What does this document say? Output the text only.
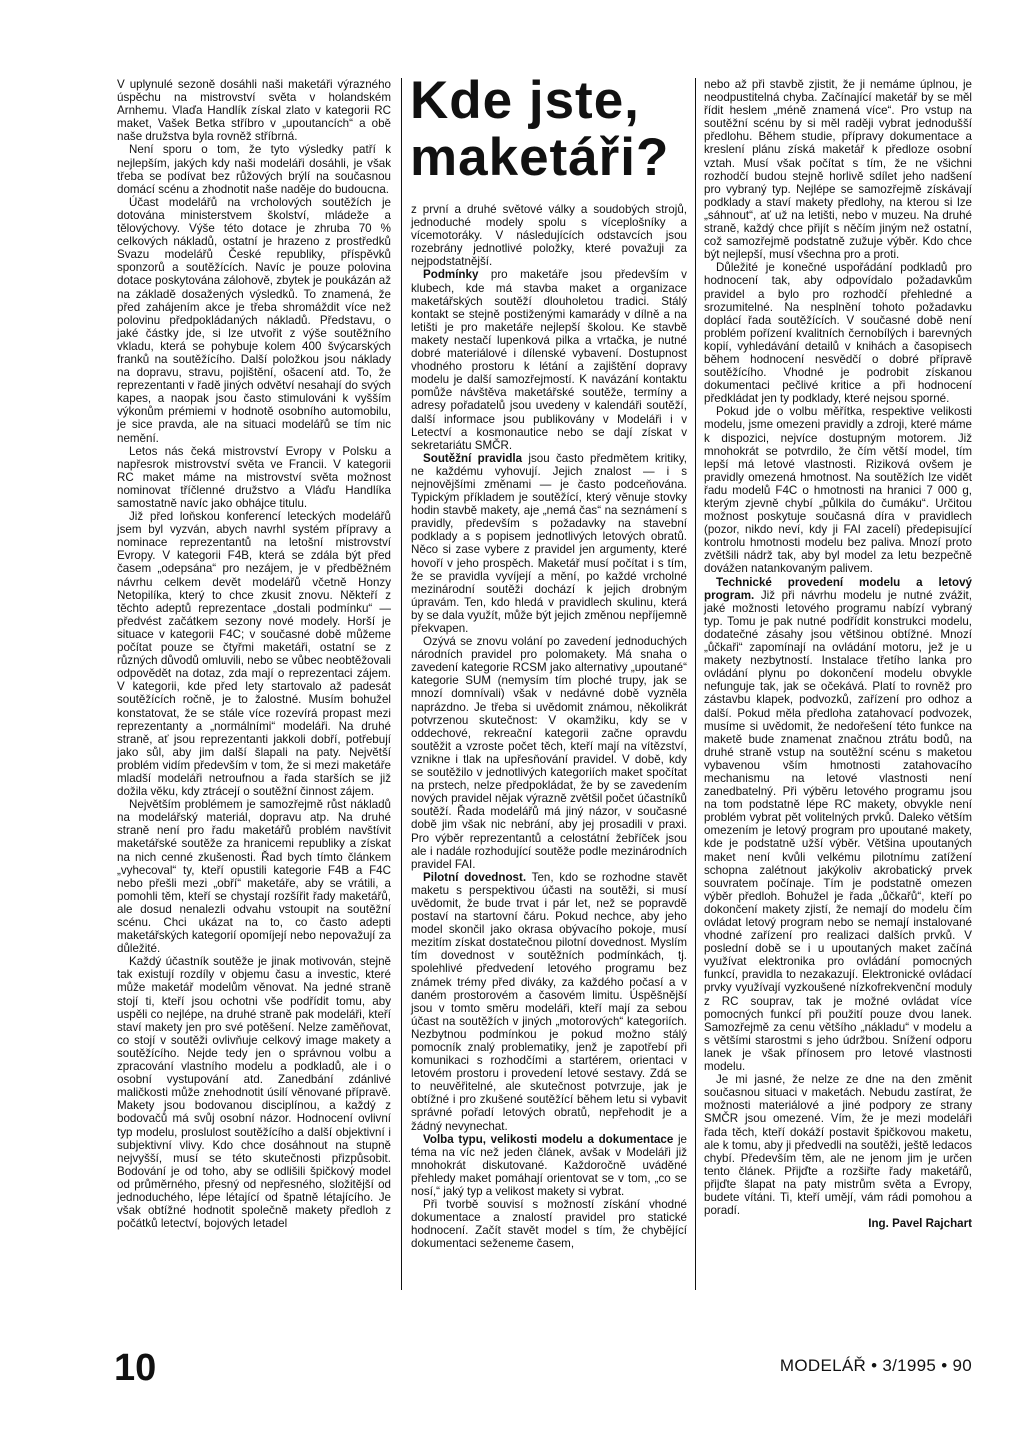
V uplynulé sezoně dosáhli naši maketáři výrazného úspěchu na mistrovství světa v holandském Arnhemu. Vlaďa Handlík získal zlato v kategorii RC maket, Vašek Betka stříbro v „upoutancích“ a obě naše družstva byla rovněž stříbrná.

Není sporu o tom, že tyto výsledky patří k nejlepším, jakých kdy naši modeláři dosáhli, je však třeba se podívat bez růžových brýlí na současnou domácí scénu a zhodnotit naše naděje do budoucna.

Účast modelářů na vrcholových soutěžích je dotována ministerstvem školství, mládeže a tělovýchovy. Výše této dotace je zhruba 70 % celkových nákladů, ostatní je hrazeno z prostředků Svazu modelářů České republiky, příspěvků sponzorů a soutěžících. Navíc je pouze polovina dotace poskytována zálohově, zbytek je poukázán až na základě dosažených výsledků. To znamená, že před zahájením akce je třeba shromáždit více než polovinu předpokládaných nákladů. Představu, o jaké částky jde, si lze utvořit z výše soutěžního vkladu, která se pohybuje kolem 400 švýcarských franků na soutěžícího. Další položkou jsou náklady na dopravu, stravu, pojištění, ošacení atd. To, že reprezentanti v řadě jiných odvětví nesahají do svých kapes, a naopak jsou často stimulováni k vyšším výkonům prémiemi v hodnotě osobního automobilu, je sice pravda, ale na situaci modelářů se tím nic nemění.

Letos nás čeká mistrovství Evropy v Polsku a napřesrok mistrovství světa ve Francii. V kategorii RC maket máme na mistrovství světa možnost nominovat tříčlenné družstvo a Vláďu Handlíka samostatně navíc jako obhájce titulu.

Již před loňskou konferencí leteckých modelářů jsem byl vyzván, abych navrhl systém přípravy a nominace reprezentantů na letošní mistrovství Evropy. V kategorii F4B, která se zdála být před časem „odepsána“ pro nezájem, je v předběžném návrhu celkem devět modelářů včetně Honzy Netopilíka, který to chce zkusit znovu. Někteří z těchto adeptů reprezentace „dostali podmínku“ — předvést začátkem sezony nové modely. Horší je situace v kategorii F4C; v současné době můžeme počítat pouze se čtyřmi maketáři, ostatní se z různých důvodů omluvili, nebo se vůbec neobtěžovali odpovědět na dotaz, zda mají o reprezentaci zájem. V kategorii, kde před lety startovalo až padesát soutěžících ročně, je to žalostné. Musím bohužel konstatovat, že se stále více rozevírá propast mezi reprezentanty a „normálními“ modeláři. Na druhé straně, ať jsou reprezentanti jakkoli dobří, potřebují jako sůl, aby jim další šlapali na paty. Největší problém vidím především v tom, že si mezi maketáře mladší modeláři netroufnou a řada starších se již dožila věku, kdy ztrácejí o soutěžní činnost zájem.

Největším problémem je samozřejmě růst nákladů na modelářský materiál, dopravu atp. Na druhé straně není pro řadu maketářů problém navštívit maketářské soutěže za hranicemi republiky a získat na nich cenné zkušenosti. Řad bych tímto článkem „vyhecoval“ ty, kteří opustili kategorie F4B a F4C nebo přešli mezi „obří“ maketáře, aby se vrátili, a pomohli těm, kteří se chystají rozšířit řady maketářů, ale dosud nenalezli odvahu vstoupit na soutěžní scénu. Chci ukázat na to, co často adepti maketářských kategorií opomíjejí nebo nepovažují za důležité.

Každý účastník soutěže je jinak motivován, stejně tak existují rozdíly v objemu času a investic, které může maketář modelům věnovat. Na jedné straně stojí ti, kteří jsou ochotni vše podřídit tomu, aby uspěli co nejlépe, na druhé straně pak modeláři, kteří staví makety jen pro své potěšení. Nelze zaměňovat, co stojí v soutěži ovlivňuje celkový image makety a soutěžícího. Nejde tedy jen o správnou volbu a zpracování vlastního modelu a podkladů, ale i o osobní vystupování atd. Zanedbání zdánlivé maličkosti může znehodnotit úsilí věnované přípravě. Makety jsou bodovanou disciplínou, a každý z bodovačů má svůj osobní názor. Hodnocení ovlivní typ modelu, proslulost soutěžícího a další objektivní i subjektivní vlivy. Kdo chce dosáhnout na stupně nejvyšší, musí se této skutečnosti přizpůsobit. Bodování je od toho, aby se odlišili špičkový model od průměrného, přesný od nepřesného, složitější od jednoduchého, lépe létající od špatně létajícího. Je však obtížné hodnotit společně makety předloh z počátků letectví, bojových letadel

Kde jste, maketáři?

z první a druhé světové války a soudobých strojů, jednoduché modely spolu s víceplošníky a vícemotoráky. V následujících odstavcích jsou rozebrány jednotlivé položky, které považuji za nejpodstatnější.

Podmínky pro maketáře jsou především v klubech, kde má stavba maket a organizace maketářských soutěží dlouholetou tradici. Stálý kontakt se stejně postiženými kamarády v dílně a na letišti je pro maketáře nejlepší školou. Ke stavbě makety nestačí lupenková pilka a vrtačka, je nutné dobré materiálové i dílenské vybavení. Dostupnost vhodného prostoru k létání a zajištění dopravy modelu je další samozřejmostí. K navázání kontaktu pomůže návštěva maketářské soutěže, termíny a adresy pořadatelů jsou uvedeny v kalendáři soutěží, další informace jsou publikovány v Modeláři i v Letectví a kosmonautice nebo se dají získat v sekretariátu SMČR.

Soutěžní pravidla jsou často předmětem kritiky, ne každému vyhovují. Jejich znalost — i s nejnovějšími změnami — je často podceňována. Typickým příkladem je soutěžící, který věnuje stovky hodin stavbě makety, aje „nemá čas“ na seznámení s pravidly, především s požadavky na stavební podklady a s popisem jednotlivých letových obratů. Něco si zase vybere z pravidel jen argumenty, které hovoří v jeho prospěch. Maketář musí počítat i s tím, že se pravidla vyvíjejí a mění, po každé vrcholné mezinárodní soutěži dochází k jejich drobným úpravám. Ten, kdo hledá v pravidlech skulinu, která by se dala využít, může být jejich změnou nepříjemně překvapen.

Ozývá se znovu volání po zavedení jednoduchých národních pravidel pro polomakety. Má snaha o zavedení kategorie RCSM jako alternativy „upoutané“ kategorie SUM (nemysím tím ploché trupy, jak se mnozí domnívali) však v nedávné době vyzněla naprázdno. Je třeba si uvědomit známou, několikrát potvrzenou skutečnost: V okamžiku, kdy se v oddechové, rekreační kategorii začne opravdu soutěžit a vzroste počet těch, kteří mají na vítězství, vznikne i tlak na upřesňování pravidel. V době, kdy se soutěžilo v jednotlivých kategoriích maket spočítat na prstech, nelze předpokládat, že by se zavedením nových pravidel nějak výrazně zvětšil počet účastníků soutěží. Řada modelářů má jiný názor, v současné době jim však nic nebrání, aby jej prosadili v praxi. Pro výběr reprezentantů a celostátní žebříček jsou ale i nadále rozhodující soutěže podle mezinárodních pravidel FAI.

Pilotní dovednost. Ten, kdo se rozhodne stavět maketu s perspektivou účasti na soutěži, si musí uvědomit, že bude trvat i pár let, než se popravdě postaví na startovní čáru. Pokud nechce, aby jeho model skončil jako okrasa obývacího pokoje, musí mezitím získat dostatečnou pilotní dovednost. Myslím tím dovednost v soutěžních podmínkách, tj. spolehlivé předvedení letového programu bez známek trémy před diváky, za každého počasí a v daném prostorovém a časovém limitu. Úspěšnější jsou v tomto směru modeláři, kteří mají za sebou účast na soutěžích v jiných „motorových“ kategoriích. Nezbytnou podmínkou je pokud možno stálý pomocník znalý problematiky, jenž je zapotřebí při komunikaci s rozhodčími a startérem, orientaci v letovém prostoru i provedení letové sestavy. Zdá se to neuvěřitelné, ale skutečnost potvrzuje, jak je obtížné i pro zkušené soutěžící během letu si vybavit správné pořadí letových obratů, nepřehodit je a žádný nevynechat.

Volba typu, velikosti modelu a dokumentace je téma na víc než jeden článek, avšak v Modeláři již mnohokrát diskutované. Každoročně uváděné přehledy maket pomáhají orientovat se v tom, „co se nosí,“ jaký typ a velikost makety si vybrat.

Při tvorbě souvisí s možností získání vhodné dokumentace a znalostí pravidel pro statické hodnocení. Začít stavět model s tím, že chybějící dokumentaci seženeme časem,

nebo až při stavbě zjistit, že ji nemáme úplnou, je neodpustitelná chyba. Začínající maketář by se měl řídit heslem „méně znamená více“. Pro vstup na soutěžní scénu by si měl raději vybrat jednodušší předlohu. Během studie, přípravy dokumentace a kreslení plánu získá maketář k předloze osobní vztah. Musí však počítat s tím, že ne všichni rozhodčí budou stejně horlivě sdílet jeho nadšení pro vybraný typ. Nejlépe se samozřejmě získávají podklady a staví makety předlohy, na kterou si lze „sáhnout“, ať už na letišti, nebo v muzeu. Na druhé straně, každý chce přijít s něčím jiným než ostatní, což samozřejmě podstatně zužuje výběr. Kdo chce být nejlepší, musí všechna pro a proti.

Důležité je konečné uspořádání podkladů pro hodnocení tak, aby odpovídalo požadavkům pravidel a bylo pro rozhodčí přehledné a srozumitelné. Na nesplnění tohoto požadavku doplácí řada soutěžících. V současné době není problém pořízení kvalitních černobílých i barevných kopií, vyhledávání detailů v knihách a časopisech během hodnocení nesvědčí o dobré přípravě soutěžícího. Vhodné je podrobit získanou dokumentaci pečlivé kritice a při hodnocení předkládat jen ty podklady, které nejsou sporné.

Pokud jde o volbu měřítka, respektive velikosti modelu, jsme omezeni pravidly a zdroji, které máme k dispozici, nejvíce dostupným motorem. Již mnohokrát se potvrdilo, že čím větší model, tím lepší má letové vlastnosti. Riziková ovšem je pravidly omezená hmotnost. Na soutěžích lze vidět řadu modelů F4C o hmotnosti na hranici 7 000 g, kterým zjevně chybí „půlkila do čumáku“. Určitou možnost poskytuje současná díra v pravidlech (pozor, nikdo neví, kdy ji FAI zacelí) předepisující kontrolu hmotnosti modelu bez paliva. Mnozí proto zvětšili nádrž tak, aby byl model za letu bezpečně dovážen natankovaným palivem.

Technické provedení modelu a letový program. Již při návrhu modelu je nutné zvážit, jaké možnosti letového programu nabízí vybraný typ. Tomu je pak nutné podřídit konstrukci modelu, dodatečné zásahy jsou většinou obtížné. Mnozí „ůčkaři“ zapomínají na ovládání motoru, jež je u makety nezbytností. Instalace třetího lanka pro ovládání plynu po dokončení modelu obvykle nefunguje tak, jak se očekává. Platí to rovněž pro zástavbu klapek, podvozků, zařízení pro odhoz a další. Pokud měla předloha zatahovací podvozek, musíme si uvědomit, že nedořešení této funkce na maketě bude znamenat značnou ztrátu bodů, na druhé straně vstup na soutěžní scénu s maketou vybavenou vším hmotnosti zatahovacího mechanismu na letové vlastnosti není zanedbatelný. Při výběru letového programu jsou na tom podstatně lépe RC makety, obvykle není problém vybrat pět volitelných prvků. Daleko větším omezením je letový program pro upoutané makety, kde je podstatně užší výběr. Většina upoutaných maket není kvůli velkému pilotnímu zatížení schopna zalétnout jakýkoliv akrobatický prvek souvratem počínaje. Tím je podstatně omezen výběr předloh. Bohužel je řada „ůčkařů“, kteří po dokončení makety zjistí, že nemají do modelu čím ovládat letový program nebo se nemají instalované vhodné zařízení pro realizaci dalších prvků. V poslední době se i u upoutaných maket začíná využívat elektronika pro ovládání pomocných funkcí, pravidla to nezakazují. Elektronické ovládací prvky využívají vyzkoušené nízkofrekvenční moduly z RC souprav, tak je možné ovládat více pomocných funkcí při použití pouze dvou lanek. Samozřejmě za cenu většího „nákladu“ v modelu a s většími starostmi s jeho údržbou. Snížení odporu lanek je však přínosem pro letové vlastnosti modelu.

Je mi jasné, že nelze ze dne na den změnit současnou situaci v maketách. Nebudu zastírat, že možnosti materiálové a jiné podpory ze strany SMČR jsou omezené. Vím, že je mezi modeláři řada těch, kteří dokáží postavit špičkovou maketu, ale k tomu, aby ji předvedli na soutěži, ještě ledacos chybí. Především těm, ale ne jenom jim je určen tento článek. Přijďte a rozšiřte řady maketářů, přijďte šlapat na paty mistrům světa a Evropy, budete vítáni. Ti, kteří umějí, vám rádi pomohou a poradí.

Ing. Pavel Rajchart

10	MODELÁŘ • 3/1995 • 90
